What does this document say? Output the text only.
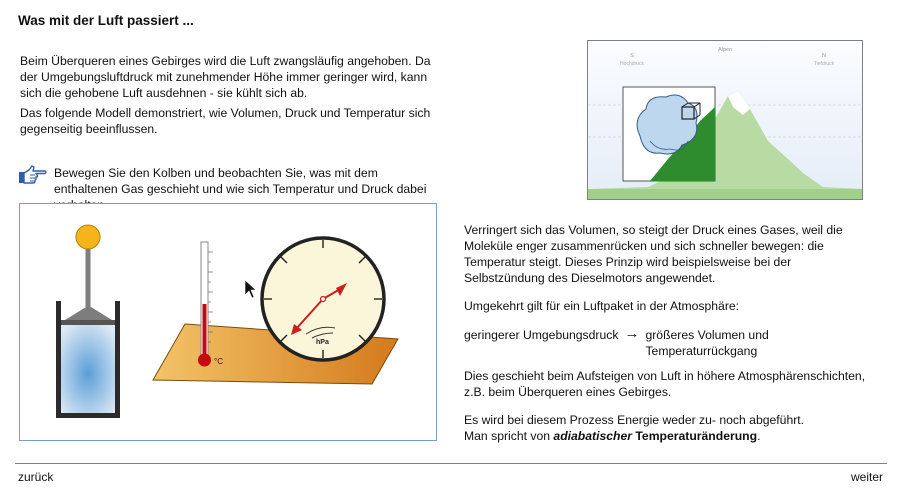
Was mit der Luft passiert ...
Beim Überqueren eines Gebirges wird die Luft zwangsläufig angehoben. Da der Umgebungsluftdruck mit zunehmender Höhe immer geringer wird, kann sich die gehobene Luft ausdehnen - sie kühlt sich ab.
Das folgende Modell demonstriert, wie Volumen, Druck und Temperatur sich gegenseitig beeinflussen.
Bewegen Sie den Kolben und beobachten Sie, was mit dem enthaltenen Gas geschieht und wie sich Temperatur und Druck dabei
°C
hPa
Alpen
S
Hochdruck
N
Tiefdruck
Verringert sich das Volumen, so steigt der Druck eines Gases, weil die Moleküle enger zusammenrücken und sich schneller bewegen: die Temperatur steigt. Dieses Prinzip wird beispielsweise bei der Selbstzündung des Dieselmotors angewendet.
Umgekehrt gilt für ein Luftpaket in der Atmosphäre:
geringerer Umgebungsdruck → größeres Volumen und
Temperaturrückgang
Dies geschieht beim Aufsteigen von Luft in höhere Atmosphärenschichten, z.B. beim Überqueren eines Gebirges.
Es wird bei diesem Prozess Energie weder zu- noch abgeführt.
Man spricht von adiabatischer Temperaturänderung.
zurück	weiter
